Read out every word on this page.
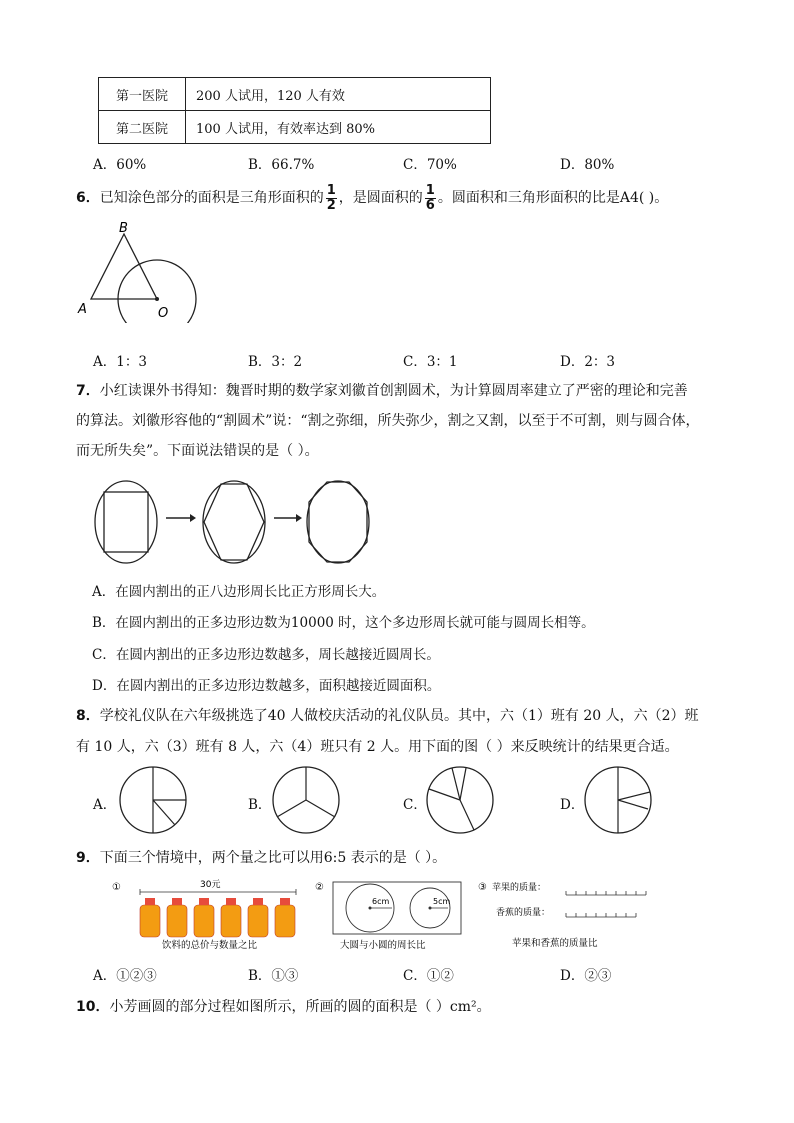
第一医院	200 人试用，120 人有效
第二医院	100 人试用，有效率达到 80%
A．60%	B．66.7%	C．70%	D．80%
6．已知涂色部分的面积是三角形面积的 $\frac{1}{2}$ ，是圆面积的 $\frac{1}{6}$ 。圆面积和三角形面积的比是A4( )。
B
A	O
A．1：3	B．3：2	C．3：1	D．2：3
7．小红读课外书得知：魏晋时期的数学家刘徽首创割圆术，为计算圆周率建立了严密的理论和完善
的算法。刘徽形容他的“割圆术”说：“割之弥细，所失弥少，割之又割，以至于不可割，则与圆合体，
而无所失矣”。下面说法错误的是（ ）。
A．在圆内割出的正八边形周长比正方形周长大。
B．在圆内割出的正多边形边数为10000 时，这个多边形周长就可能与圆周长相等。
C．在圆内割出的正多边形边数越多，周长越接近圆周长。
D．在圆内割出的正多边形边数越多，面积越接近圆面积。
8．学校礼仪队在六年级挑选了40 人做校庆活动的礼仪队员。其中，六（1）班有 20 人，六（2）班
有 10 人，六（3）班有 8 人，六（4）班只有 2 人。用下面的图（ ）来反映统计的结果更合适。
A．	B．	C．	D．
9．下面三个情境中，两个量之比可以用6:5 表示的是（ ）。
①	30元
饮料的总价与数量之比
②
6cm	5cm
大圆与小圆的周长比
③ 苹果的质量：
香蕉的质量：
苹果和香蕉的质量比
A．①②③	B．①③	C．①②	D．②③
10．小芳画圆的部分过程如图所示，所画的圆的面积是（ ）cm²。
